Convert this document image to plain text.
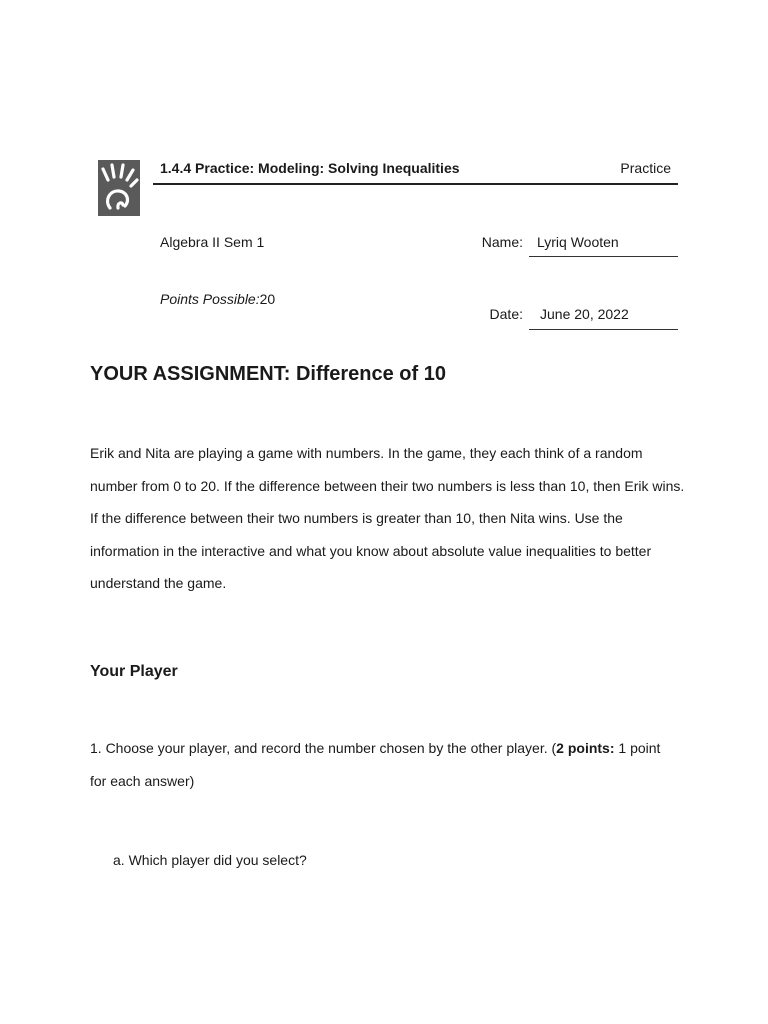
1.4.4 Practice: Modeling: Solving Inequalities	Practice
Algebra II Sem 1
Points Possible:20
Name: Lyriq Wooten
Date: June 20, 2022
YOUR ASSIGNMENT: Difference of 10

Erik and Nita are playing a game with numbers. In the game, they each think of a random number from 0 to 20. If the difference between their two numbers is less than 10, then Erik wins. If the difference between their two numbers is greater than 10, then Nita wins. Use the information in the interactive and what you know about absolute value inequalities to better understand the game.

Your Player

1. Choose your player, and record the number chosen by the other player. (2 points: 1 point for each answer)

a. Which player did you select?
